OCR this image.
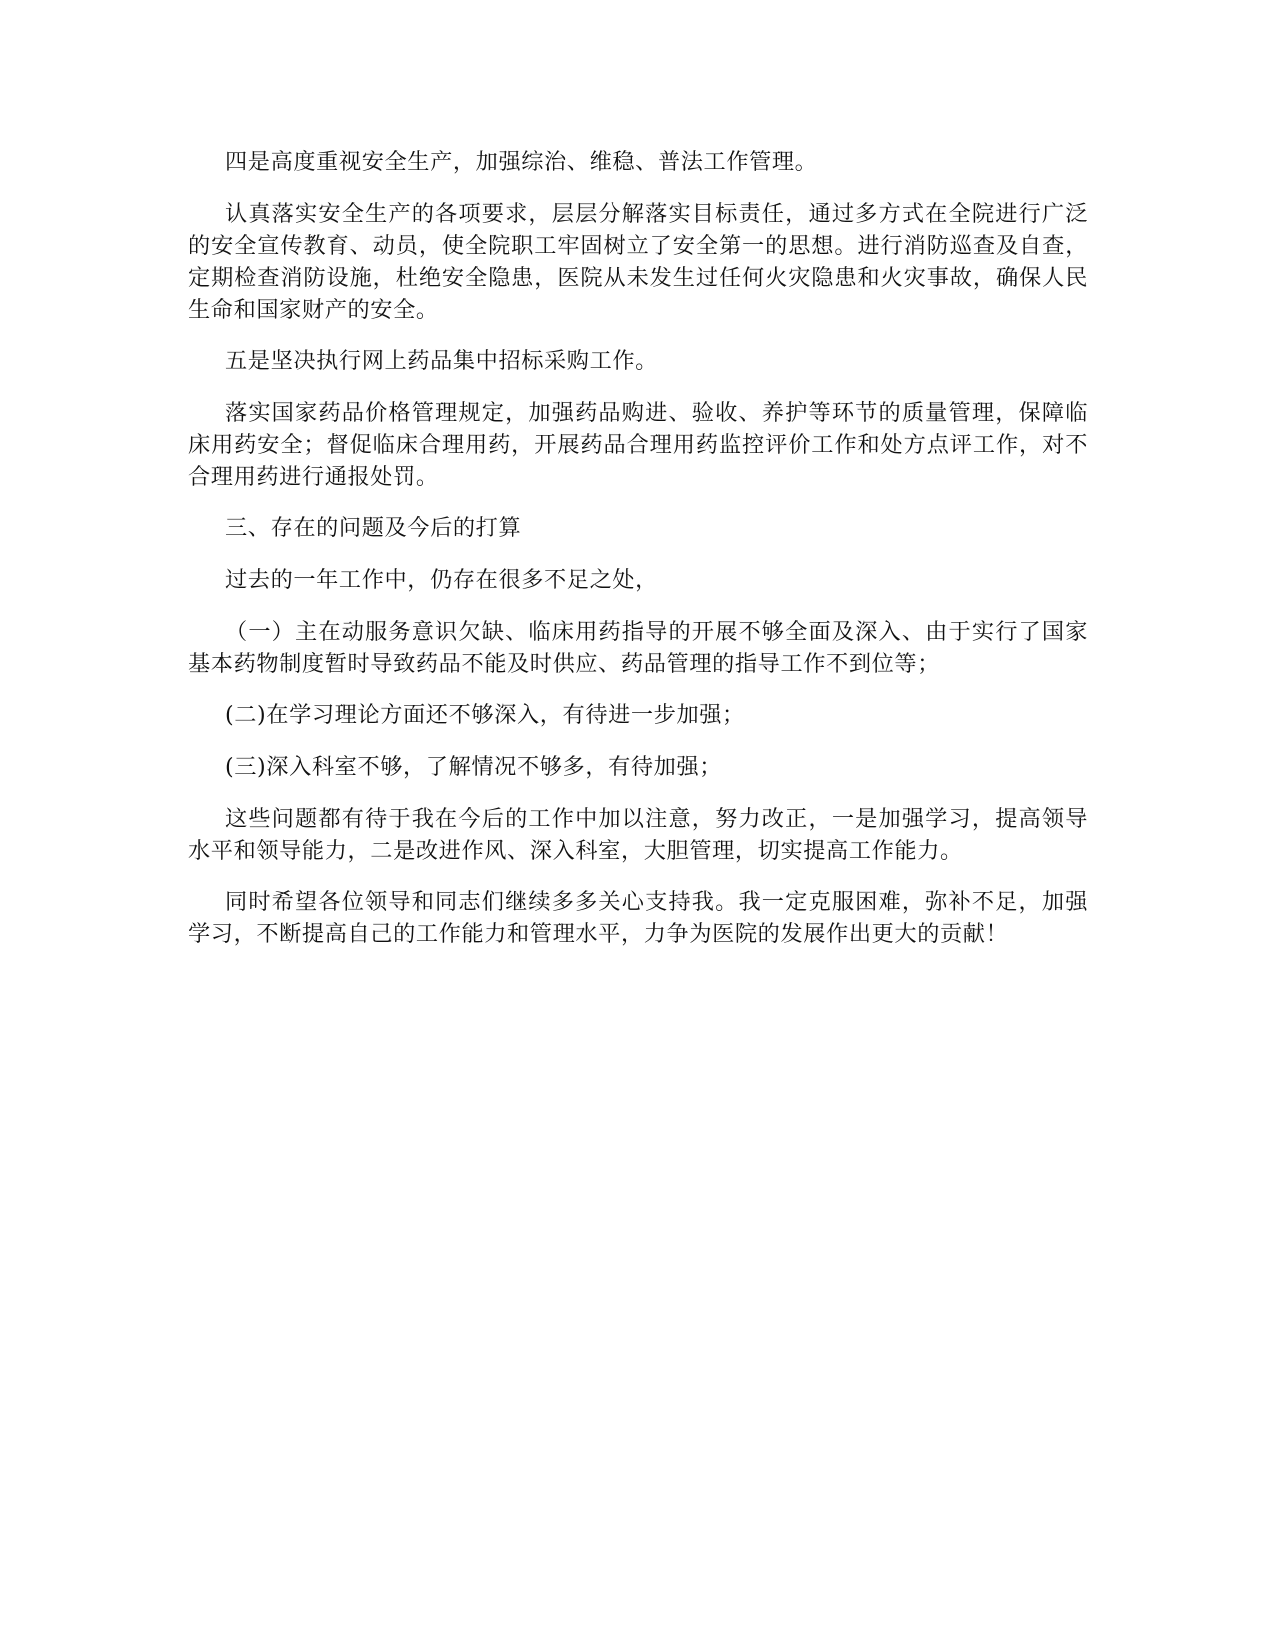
四是高度重视安全生产，加强综治、维稳、普法工作管理。

认真落实安全生产的各项要求，层层分解落实目标责任，通过多方式在全院进行广泛的安全宣传教育、动员，使全院职工牢固树立了安全第一的思想。进行消防巡查及自查，定期检查消防设施，杜绝安全隐患，医院从未发生过任何火灾隐患和火灾事故，确保人民生命和国家财产的安全。

五是坚决执行网上药品集中招标采购工作。

落实国家药品价格管理规定，加强药品购进、验收、养护等环节的质量管理，保障临床用药安全；督促临床合理用药，开展药品合理用药监控评价工作和处方点评工作，对不合理用药进行通报处罚。

三、存在的问题及今后的打算

过去的一年工作中，仍存在很多不足之处，

（一）主在动服务意识欠缺、临床用药指导的开展不够全面及深入、由于实行了国家基本药物制度暂时导致药品不能及时供应、药品管理的指导工作不到位等；

(二)在学习理论方面还不够深入，有待进一步加强；

(三)深入科室不够，了解情况不够多，有待加强；

这些问题都有待于我在今后的工作中加以注意，努力改正，一是加强学习，提高领导水平和领导能力，二是改进作风、深入科室，大胆管理，切实提高工作能力。

同时希望各位领导和同志们继续多多关心支持我。我一定克服困难，弥补不足，加强学习，不断提高自己的工作能力和管理水平，力争为医院的发展作出更大的贡献！
